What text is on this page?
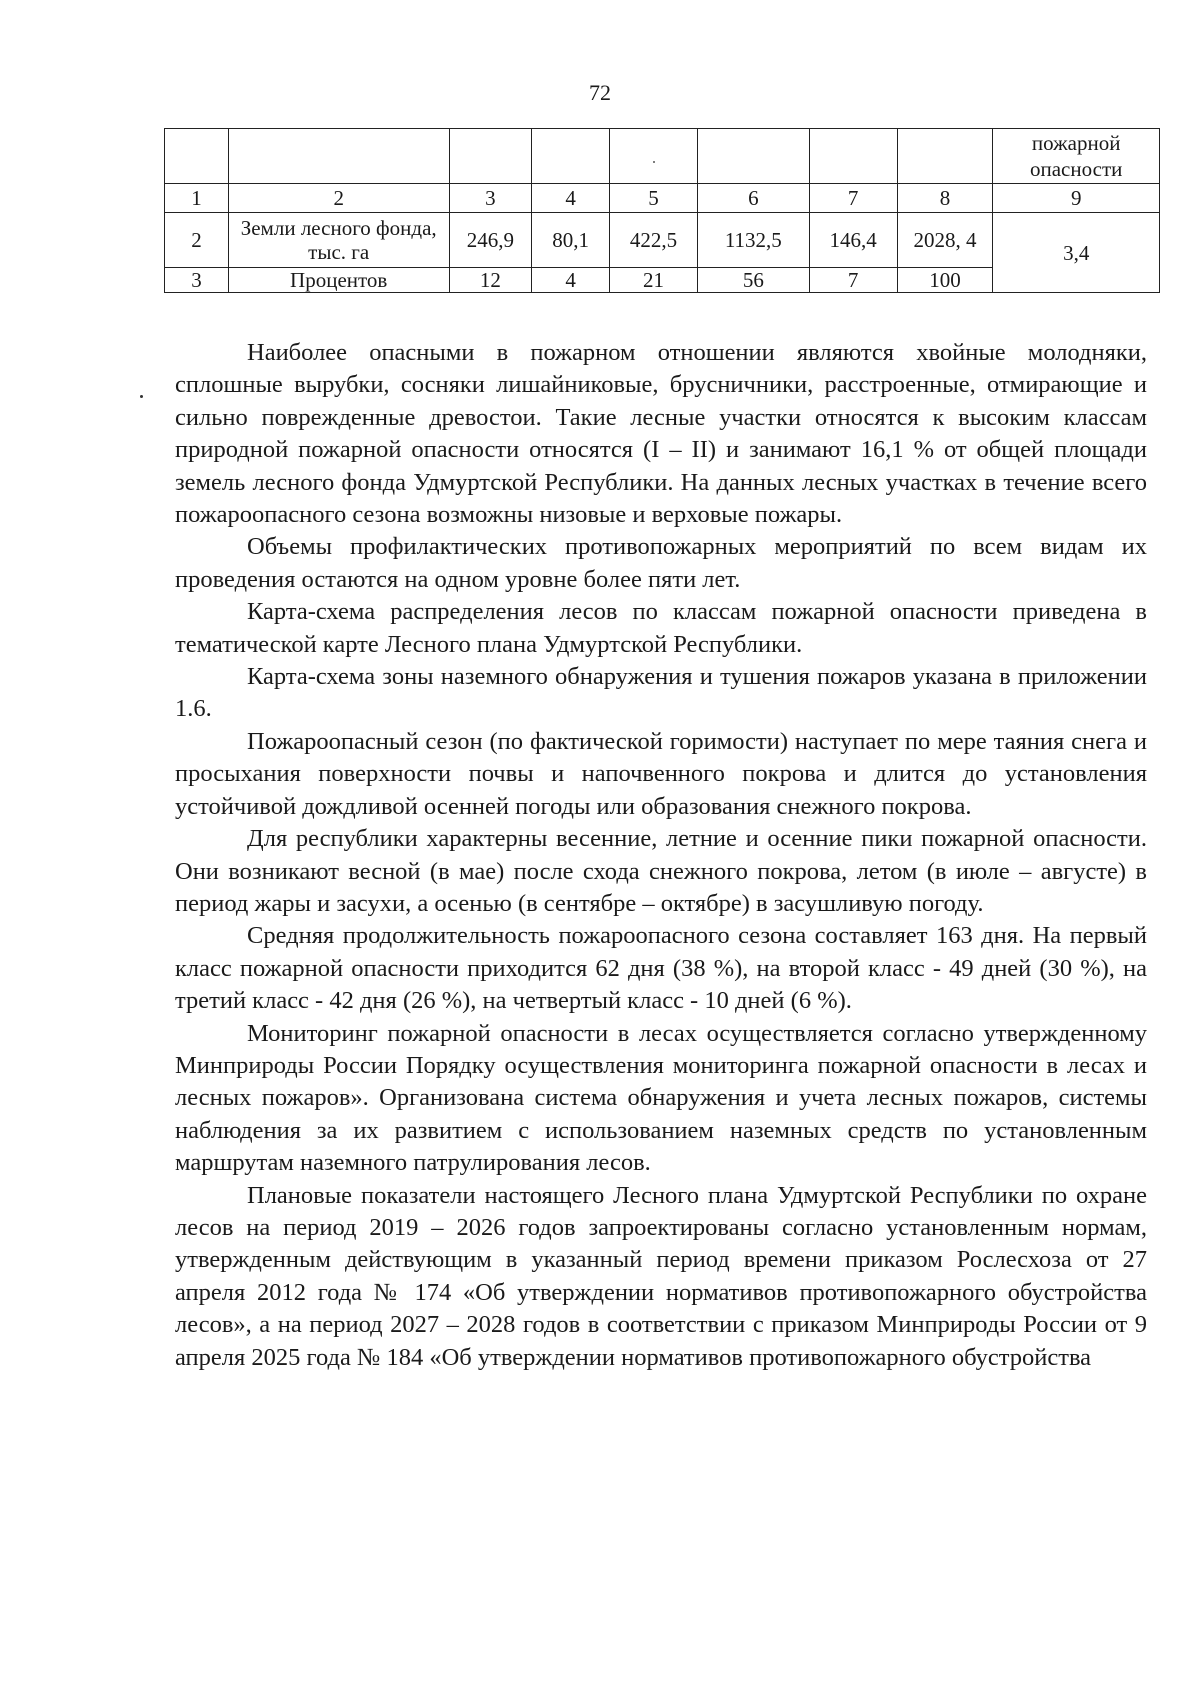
72
								пожарной опасности
1	2	3	4	5	6	7	8	9
2	Земли лесного фонда, тыс. га	246,9	80,1	422,5	1132,5	146,4	2028, 4	3,4
3	Процентов	12	4	21	56	7	100	

Наиболее опасными в пожарном отношении являются хвойные молодняки, сплошные вырубки, сосняки лишайниковые, брусничники, расстроенные, отмирающие и сильно поврежденные древостои. Такие лесные участки относятся к высоким классам природной пожарной опасности относятся (I – II) и занимают 16,1 % от общей площади земель лесного фонда Удмуртской Республики. На данных лесных участках в течение всего пожароопасного сезона возможны низовые и верховые пожары.

Объемы профилактических противопожарных мероприятий по всем видам их проведения остаются на одном уровне более пяти лет.

Карта-схема распределения лесов по классам пожарной опасности приведена в тематической карте Лесного плана Удмуртской Республики.

Карта-схема зоны наземного обнаружения и тушения пожаров указана в приложении 1.6.

Пожароопасный сезон (по фактической горимости) наступает по мере таяния снега и просыхания поверхности почвы и напочвенного покрова и длится до установления устойчивой дождливой осенней погоды или образования снежного покрова.

Для республики характерны весенние, летние и осенние пики пожарной опасности. Они возникают весной (в мае) после схода снежного покрова, летом (в июле – августе) в период жары и засухи, а осенью (в сентябре – октябре) в засушливую погоду.

Средняя продолжительность пожароопасного сезона составляет 163 дня. На первый класс пожарной опасности приходится 62 дня (38 %), на второй класс - 49 дней (30 %), на третий класс - 42 дня (26 %), на четвертый класс - 10 дней (6 %).

Мониторинг пожарной опасности в лесах осуществляется согласно утвержденному Минприроды России Порядку осуществления мониторинга пожарной опасности в лесах и лесных пожаров». Организована система обнаружения и учета лесных пожаров, системы наблюдения за их развитием с использованием наземных средств по установленным маршрутам наземного патрулирования лесов.

Плановые показатели настоящего Лесного плана Удмуртской Республики по охране лесов на период 2019 – 2026 годов запроектированы согласно установленным нормам, утвержденным действующим в указанный период времени приказом Рослесхоза от 27 апреля 2012 года № 174 «Об утверждении нормативов противопожарного обустройства лесов», а на период 2027 – 2028 годов в соответствии с приказом Минприроды России от 9 апреля 2025 года № 184 «Об утверждении нормативов противопожарного обустройства
